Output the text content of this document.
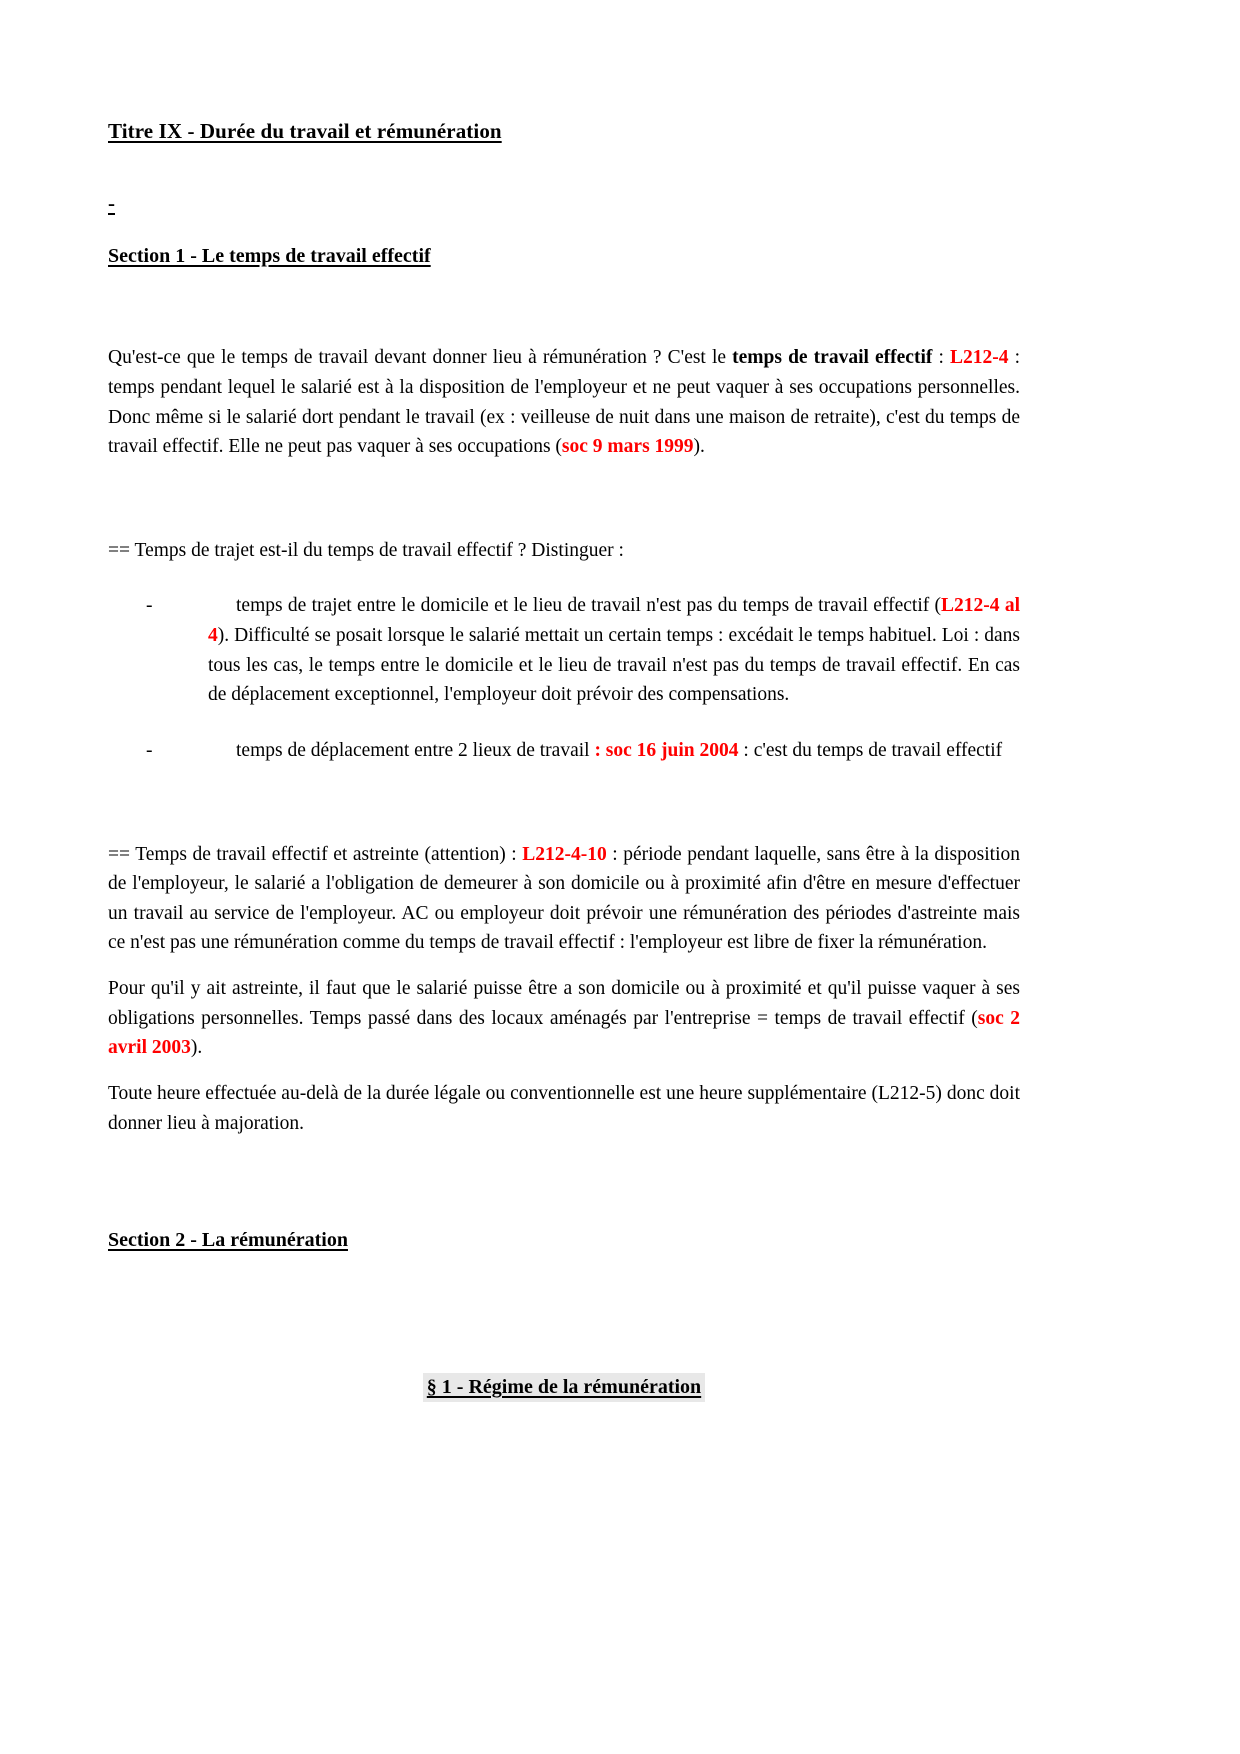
Titre IX - Durée du travail et rémunération
-
Section 1 - Le temps de travail effectif

Qu'est-ce que le temps de travail devant donner lieu à rémunération ? C'est le temps de travail effectif : L212-4 : temps pendant lequel le salarié est à la disposition de l'employeur et ne peut vaquer à ses occupations personnelles. Donc même si le salarié dort pendant le travail (ex : veilleuse de nuit dans une maison de retraite), c'est du temps de travail effectif. Elle ne peut pas vaquer à ses occupations (soc 9 mars 1999).

== Temps de trajet est-il du temps de travail effectif ? Distinguer :

-	temps de trajet entre le domicile et le lieu de travail n'est pas du temps de travail effectif (L212-4 al 4). Difficulté se posait lorsque le salarié mettait un certain temps : excédait le temps habituel. Loi : dans tous les cas, le temps entre le domicile et le lieu de travail n'est pas du temps de travail effectif. En cas de déplacement exceptionnel, l'employeur doit prévoir des compensations.
-	temps de déplacement entre 2 lieux de travail : soc 16 juin 2004 : c'est du temps de travail effectif

== Temps de travail effectif et astreinte (attention) : L212-4-10 : période pendant laquelle, sans être à la disposition de l'employeur, le salarié a l'obligation de demeurer à son domicile ou à proximité afin d'être en mesure d'effectuer un travail au service de l'employeur. AC ou employeur doit prévoir une rémunération des périodes d'astreinte mais ce n'est pas une rémunération comme du temps de travail effectif : l'employeur est libre de fixer la rémunération.

Pour qu'il y ait astreinte, il faut que le salarié puisse être a son domicile ou à proximité et qu'il puisse vaquer à ses obligations personnelles. Temps passé dans des locaux aménagés par l'entreprise = temps de travail effectif (soc 2 avril 2003).

Toute heure effectuée au-delà de la durée légale ou conventionnelle est une heure supplémentaire (L212-5) donc doit donner lieu à majoration.

Section 2 - La rémunération
§ 1 - Régime de la rémunération
